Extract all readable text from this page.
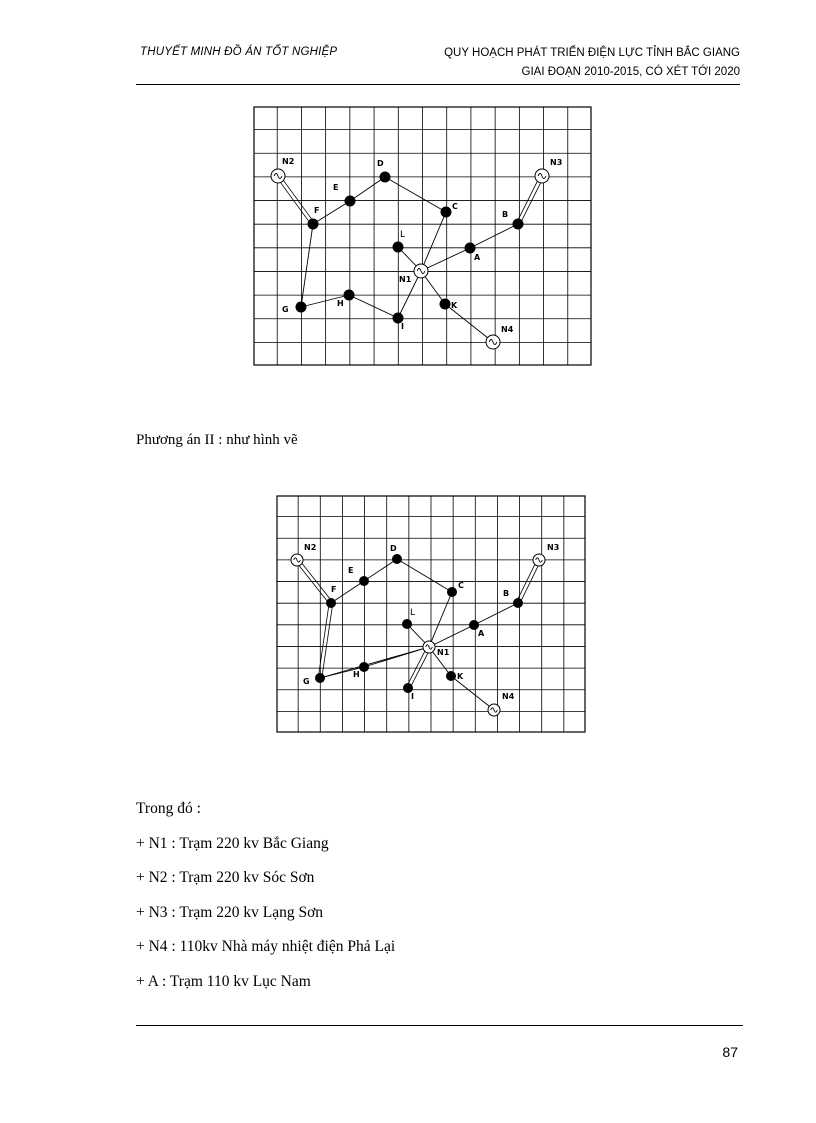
THUYẾT MINH ĐỒ ÁN TỐT NGHIỆP	QUY HOẠCH PHÁT TRIỂN ĐIỆN LỰC TỈNH BẮC GIANG
GIAI ĐOẠN 2010-2015, CÓ XÉT TỚI 2020
N2	N3
N1
N4
D
E
F	C
B
L
A
G
H
I
K
Phương án II : như hình vẽ
N2	N3
N1
N4
D
E
F	C
B
L
A
G
H
I
K
Trong đó :
+ N1 : Trạm 220 kv Bắc Giang
+ N2 : Trạm 220 kv Sóc Sơn
+ N3 : Trạm 220 kv Lạng Sơn
+ N4 : 110kv Nhà máy nhiệt điện Phả Lại
+ A : Trạm 110 kv Lục Nam
87
